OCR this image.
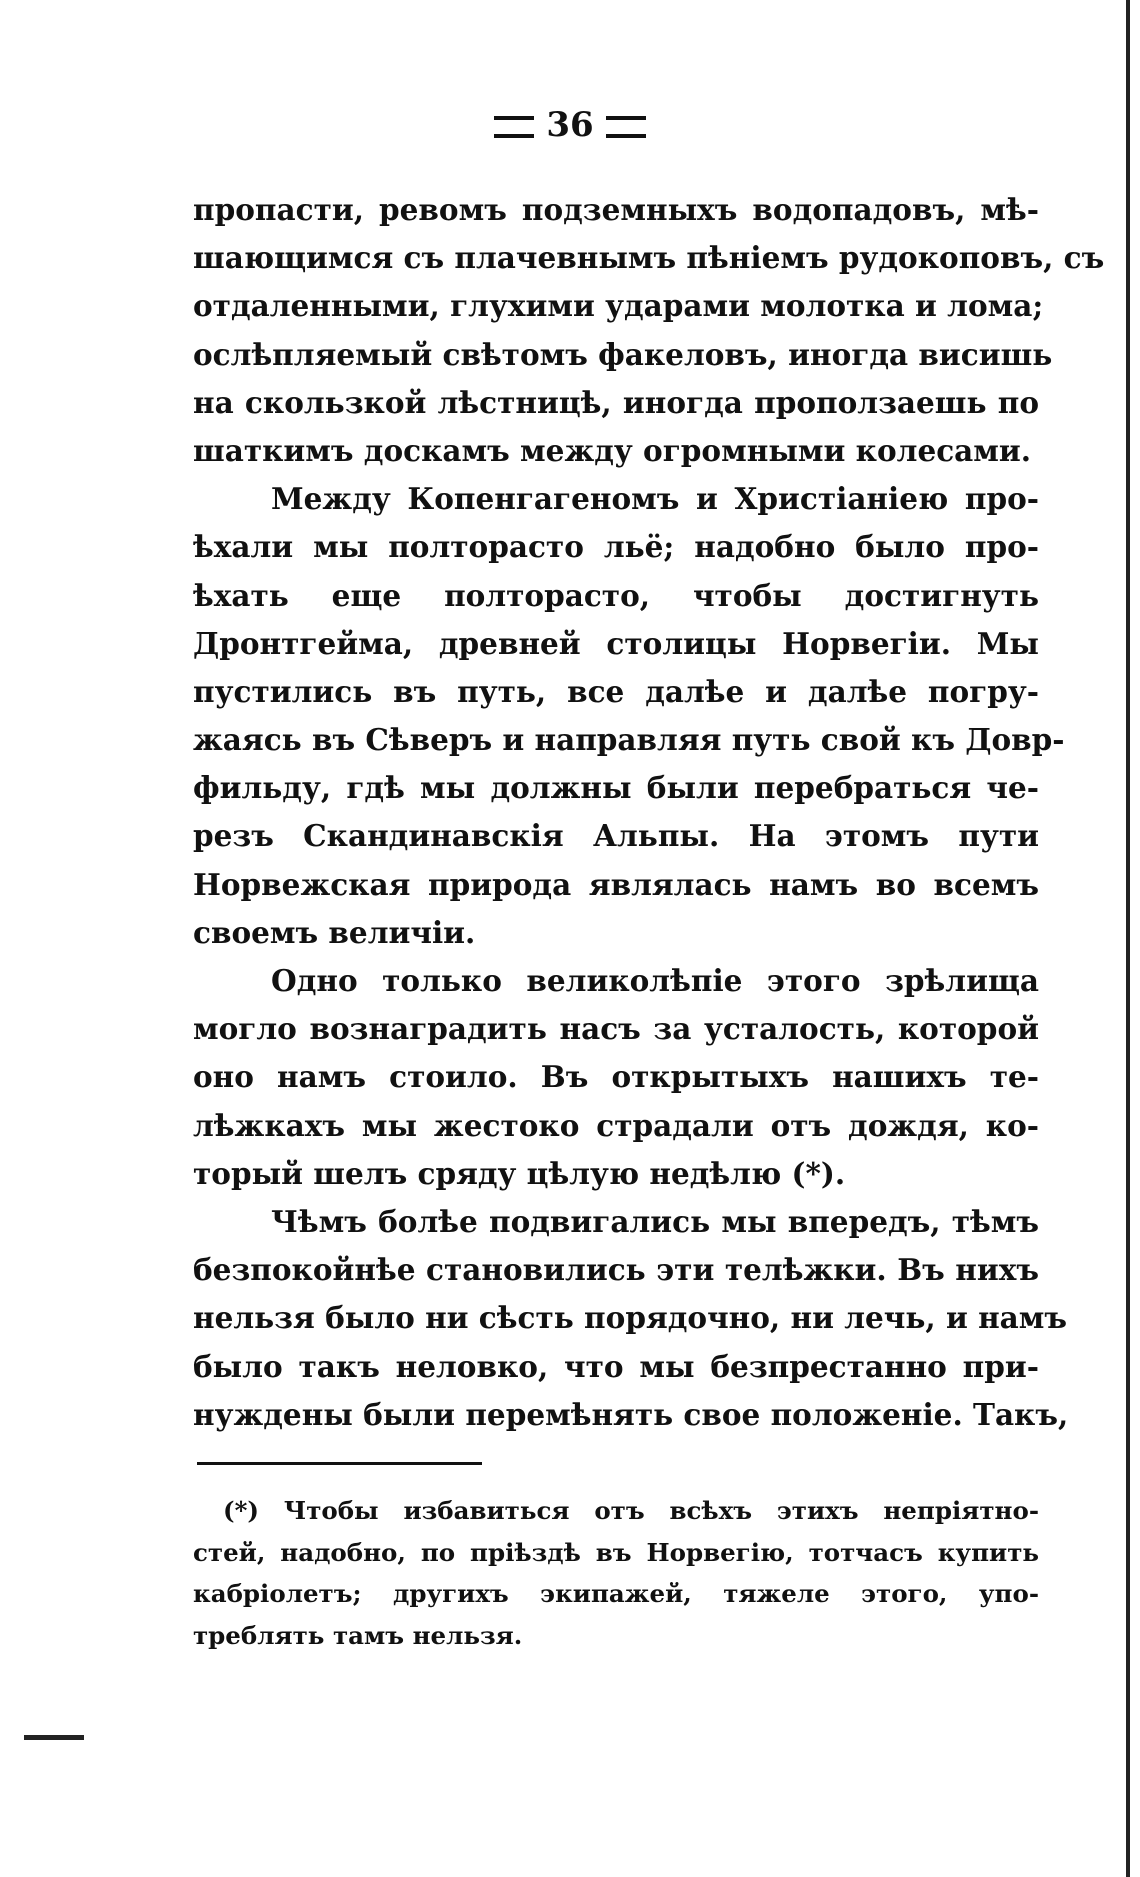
36
пропасти, ревомъ подземныхъ водопадовъ, мѣ-
шающимся съ плачевнымъ пѣніемъ рудокоповъ, съ
отдаленными, глухими ударами молотка и лома;
ослѣпляемый свѣтомъ факеловъ, иногда висишь
на скользкой лѣстницѣ, иногда проползаешь по
шаткимъ доскамъ между огромными колесами.
Между Копенгагеномъ и Христіаніею про-
ѣхали мы полторасто льё; надобно было про-
ѣхать еще полторасто, чтобы достигнуть
Дронтгейма, древней столицы Норвегіи. Мы
пустились въ путь, все далѣе и далѣе погру-
жаясь въ Сѣверъ и направляя путь свой къ Довр-
фильду, гдѣ мы должны были перебраться че-
резъ Скандинавскія Альпы. На этомъ пути
Норвежская природа являлась намъ во всемъ
своемъ величіи.
Одно только великолѣпіе этого зрѣлища
могло вознаградить насъ за усталость, которой
оно намъ стоило. Въ открытыхъ нашихъ те-
лѣжкахъ мы жестоко страдали отъ дождя, ко-
торый шелъ сряду цѣлую недѣлю (*).
Чѣмъ болѣе подвигались мы впередъ, тѣмъ
безпокойнѣе становились эти телѣжки. Въ нихъ
нельзя было ни сѣсть порядочно, ни лечь, и намъ
было такъ неловко, что мы безпрестанно при-
нуждены были перемѣнять свое положеніе. Такъ,
(*) Чтобы избавиться отъ всѣхъ этихъ непріятно-
стей, надобно, по пріѣздѣ въ Норвегію, тотчасъ купить
кабріолетъ; другихъ экипажей, тяжеле этого, упо-
треблять тамъ нельзя.
